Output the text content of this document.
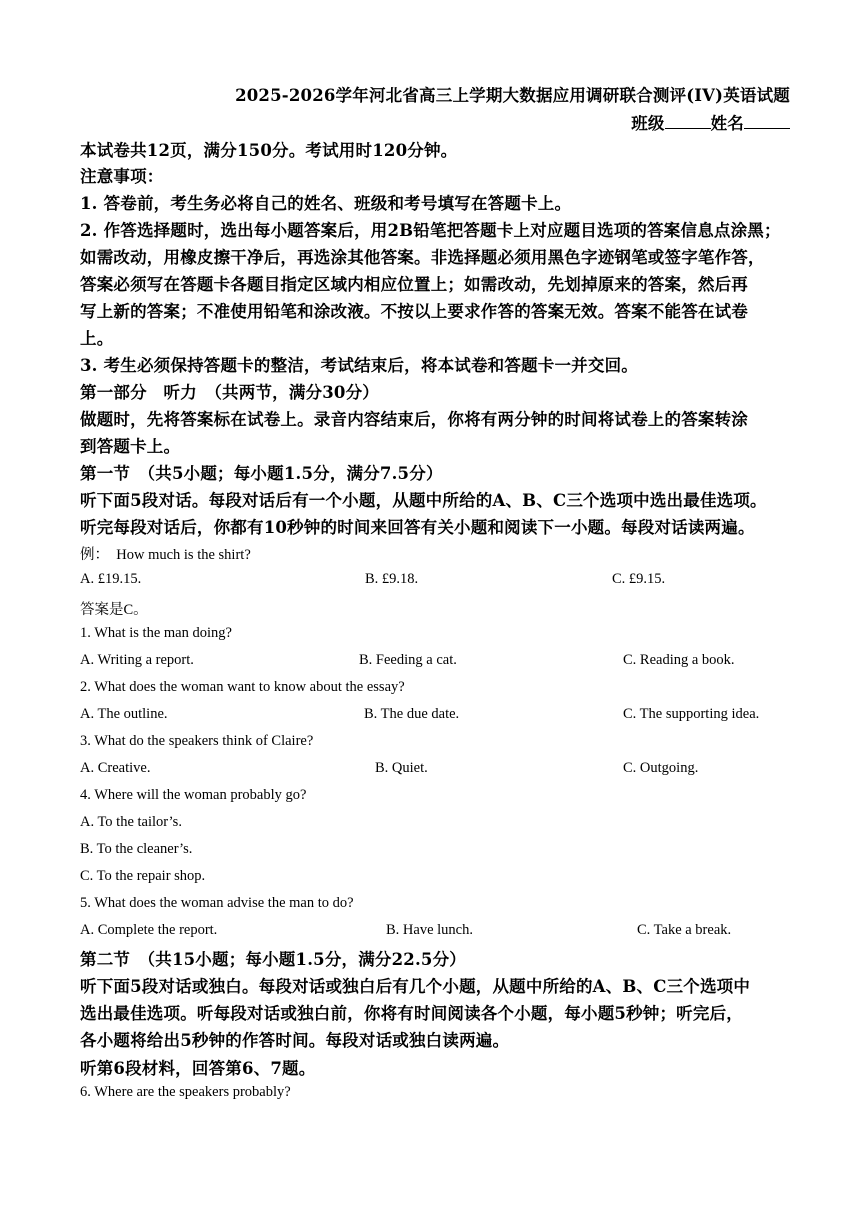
2025-2026学年河北省高三上学期大数据应用调研联合测评(IV)英语试题
班级	姓名
本试卷共12页，满分150分。考试用时120分钟。
注意事项：
1. 答卷前，考生务必将自己的姓名、班级和考号填写在答题卡上。
2. 作答选择题时，选出每小题答案后，用2B铅笔把答题卡上对应题目选项的答案信息点涂黑；
如需改动，用橡皮擦干净后，再选涂其他答案。非选择题必须用黑色字迹钢笔或签字笔作答，
答案必须写在答题卡各题目指定区域内相应位置上；如需改动，先划掉原来的答案，然后再
写上新的答案；不准使用铅笔和涂改液。不按以上要求作答的答案无效。答案不能答在试卷
上。
3. 考生必须保持答题卡的整洁，考试结束后，将本试卷和答题卡一并交回。
第一部分　听力　（共两节，满分30分）
做题时，先将答案标在试卷上。录音内容结束后，你将有两分钟的时间将试卷上的答案转涂
到答题卡上。
第一节　（共5小题；每小题1.5分，满分7.5分）
听下面5段对话。每段对话后有一个小题，从题中所给的A、B、C三个选项中选出最佳选项。
听完每段对话后，你都有10秒钟的时间来回答有关小题和阅读下一小题。每段对话读两遍。
例：　How much is the shirt?
A. £19.15.	B. £9.18.	C. £9.15.
答案是C。
1. What is the man doing?
A. Writing a report.	B. Feeding a cat.	C. Reading a book.
2. What does the woman want to know about the essay?
A. The outline.	B. The due date.	C. The supporting idea.
3. What do the speakers think of Claire?
A. Creative.	B. Quiet.	C. Outgoing.
4. Where will the woman probably go?
A. To the tailor’s.
B. To the cleaner’s.
C. To the repair shop.
5. What does the woman advise the man to do?
A. Complete the report.	B. Have lunch.	C. Take a break.
第二节　（共15小题；每小题1.5分，满分22.5分）
听下面5段对话或独白。每段对话或独白后有几个小题，从题中所给的A、B、C三个选项中
选出最佳选项。听每段对话或独白前，你将有时间阅读各个小题，每小题5秒钟；听完后，
各小题将给出5秒钟的作答时间。每段对话或独白读两遍。
听第6段材料，回答第6、7题。
6. Where are the speakers probably?
